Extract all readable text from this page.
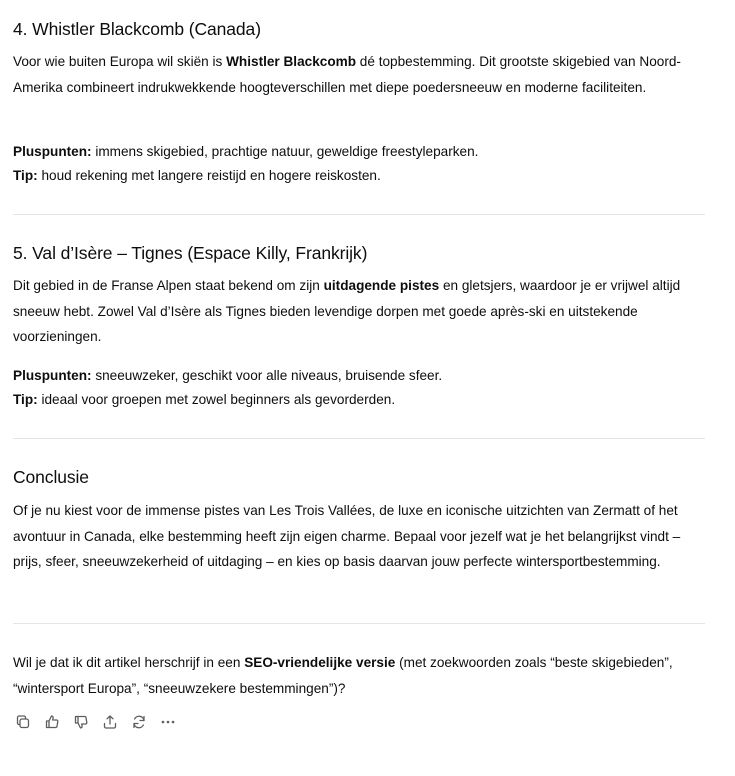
4. Whistler Blackcomb (Canada)

Voor wie buiten Europa wil skiën is Whistler Blackcomb dé topbestemming. Dit grootste skigebied van Noord-Amerika combineert indrukwekkende hoogteverschillen met diepe poedersneeuw en moderne faciliteiten.

Pluspunten: immens skigebied, prachtige natuur, geweldige freestyleparken.
Tip: houd rekening met langere reistijd en hogere reiskosten.

5. Val d’Isère – Tignes (Espace Killy, Frankrijk)

Dit gebied in de Franse Alpen staat bekend om zijn uitdagende pistes en gletsjers, waardoor je er vrijwel altijd sneeuw hebt. Zowel Val d’Isère als Tignes bieden levendige dorpen met goede après-ski en uitstekende voorzieningen.

Pluspunten: sneeuwzeker, geschikt voor alle niveaus, bruisende sfeer.
Tip: ideaal voor groepen met zowel beginners als gevorderden.

Conclusie

Of je nu kiest voor de immense pistes van Les Trois Vallées, de luxe en iconische uitzichten van Zermatt of het avontuur in Canada, elke bestemming heeft zijn eigen charme. Bepaal voor jezelf wat je het belangrijkst vindt – prijs, sfeer, sneeuwzekerheid of uitdaging – en kies op basis daarvan jouw perfecte wintersportbestemming.

Wil je dat ik dit artikel herschrijf in een SEO-vriendelijke versie (met zoekwoorden zoals “beste skigebieden”, “wintersport Europa”, “sneeuwzekere bestemmingen”)?
